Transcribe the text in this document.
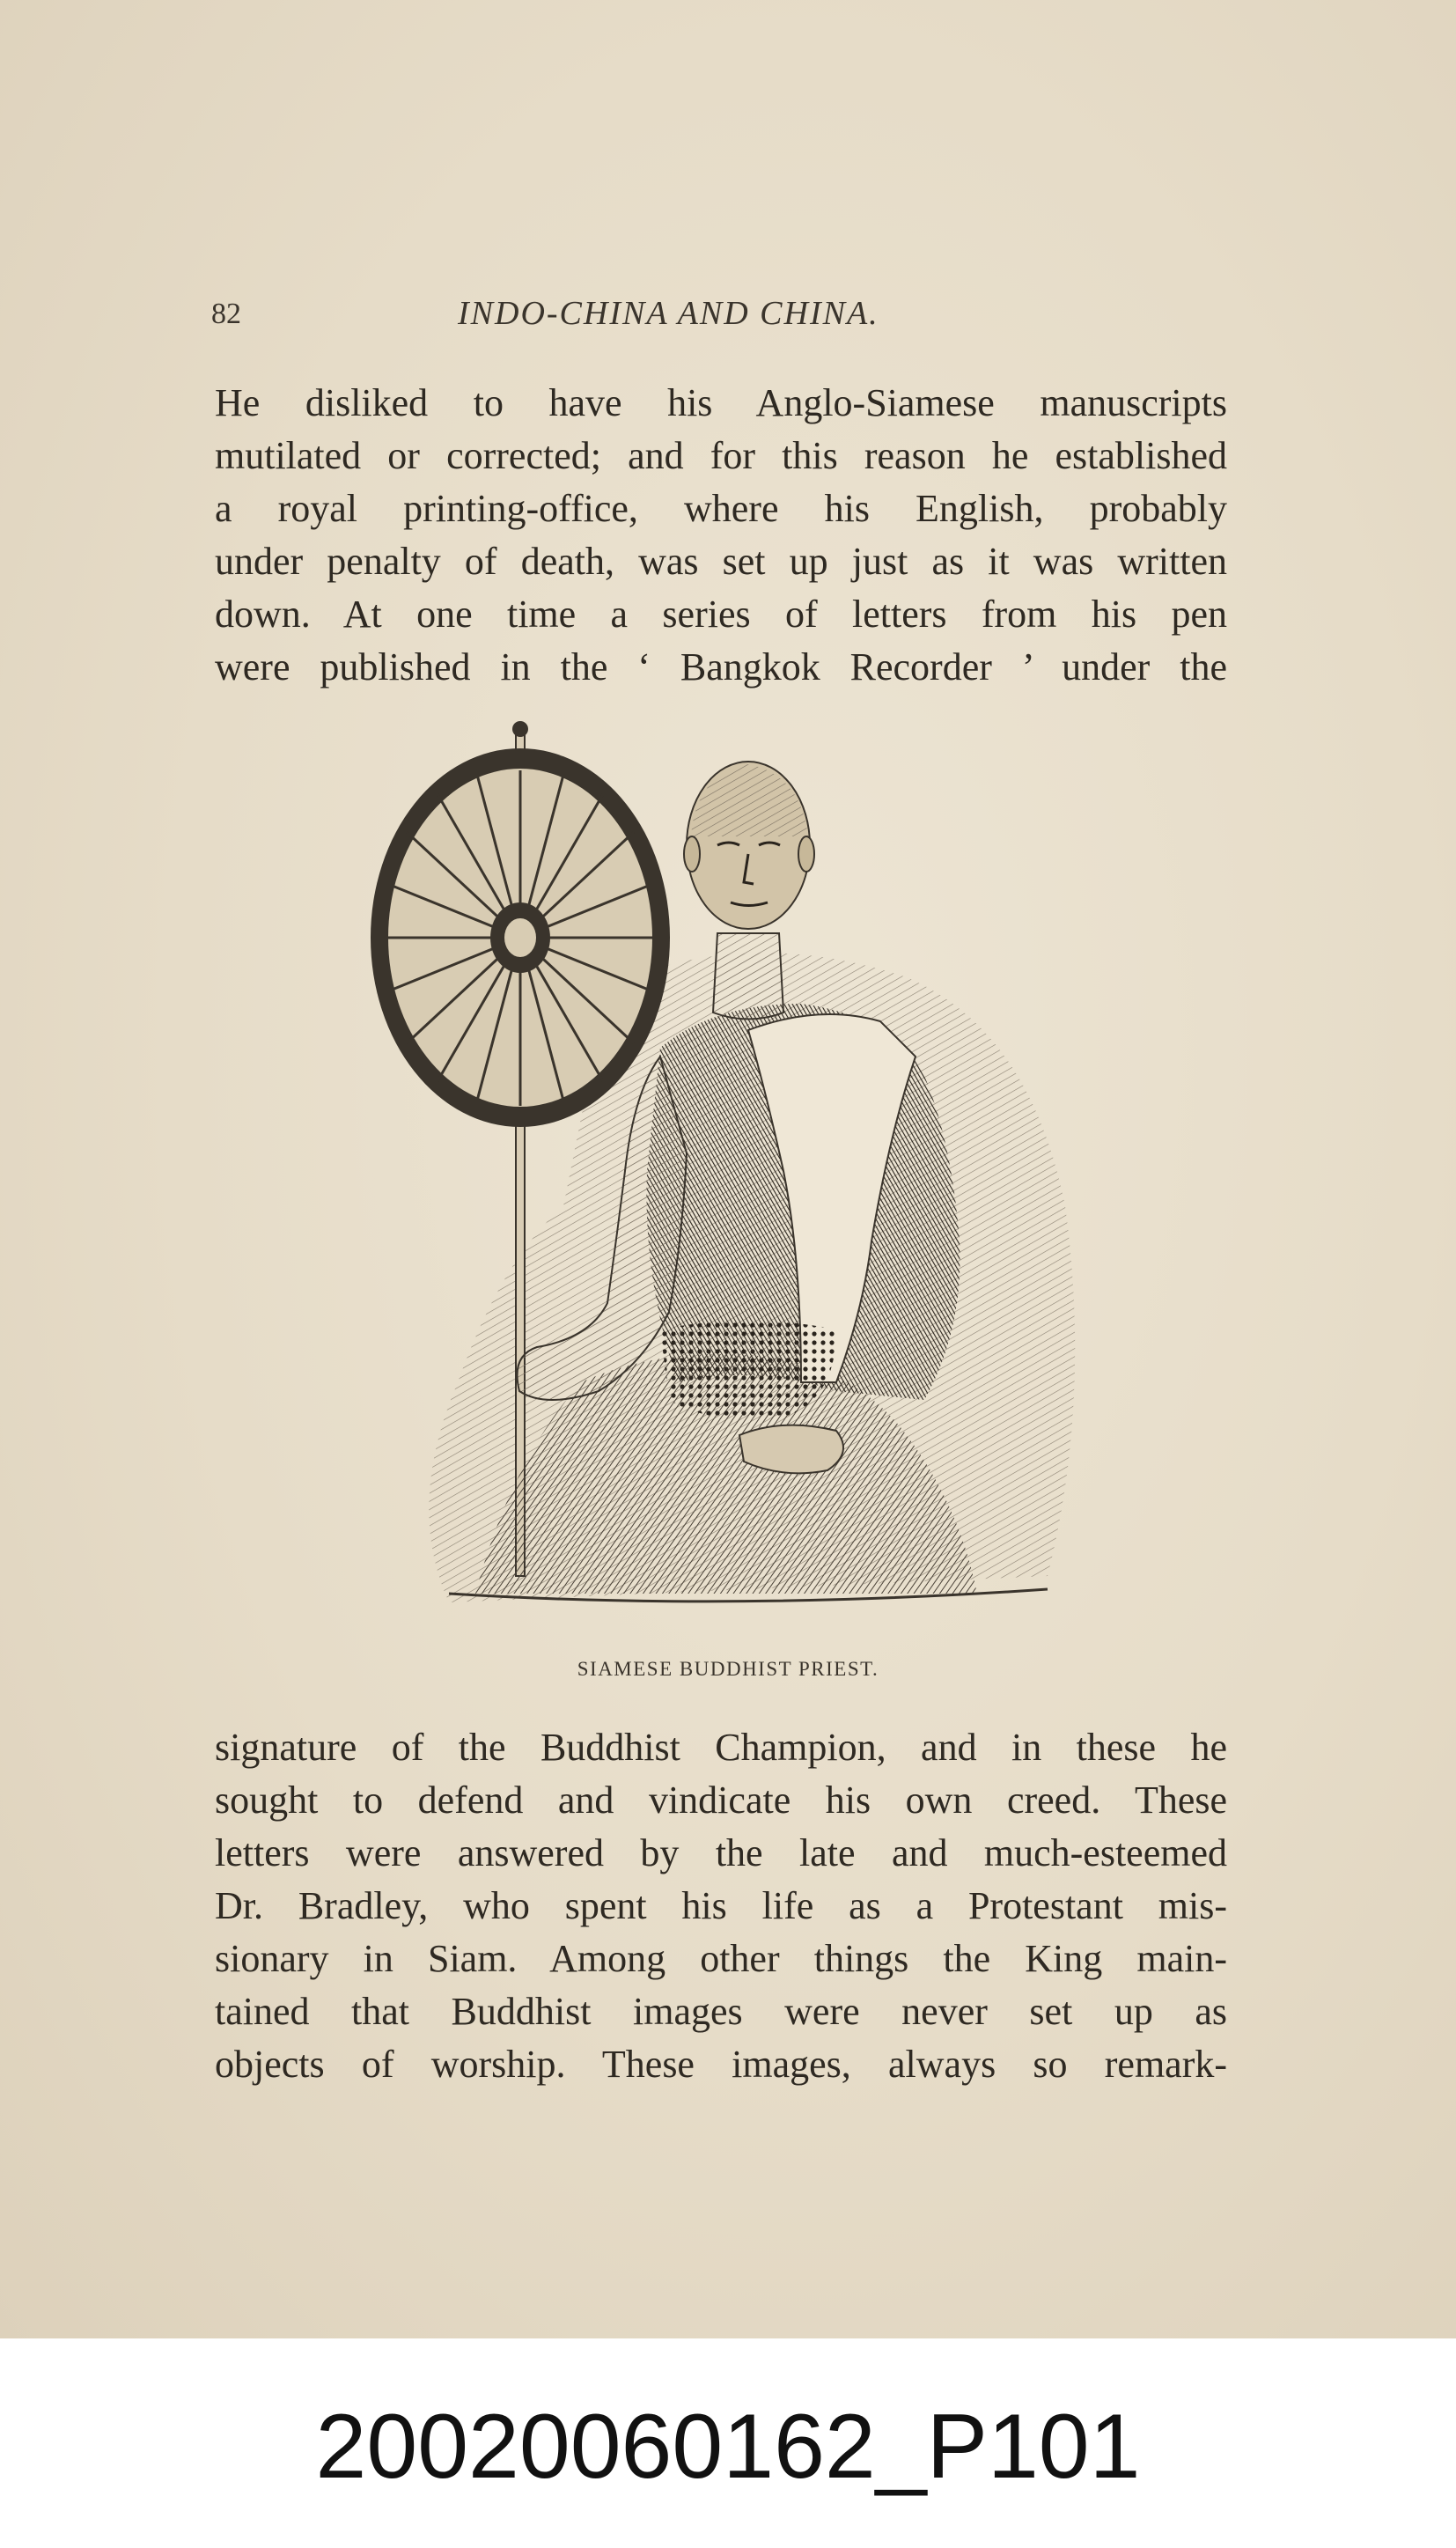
82	INDO-CHINA AND CHINA.
He disliked to have his Anglo-Siamese manuscripts
mutilated or corrected; and for this reason he established
a royal printing-office, where his English, probably
under penalty of death, was set up just as it was written
down. At one time a series of letters from his pen
were published in the ‘ Bangkok Recorder ’ under the
SIAMESE BUDDHIST PRIEST.
signature of the Buddhist Champion, and in these he
sought to defend and vindicate his own creed. These
letters were answered by the late and much-esteemed
Dr. Bradley, who spent his life as a Protestant mis-
sionary in Siam. Among other things the King main-
tained that Buddhist images were never set up as
objects of worship. These images, always so remark-
20020060162_P101
